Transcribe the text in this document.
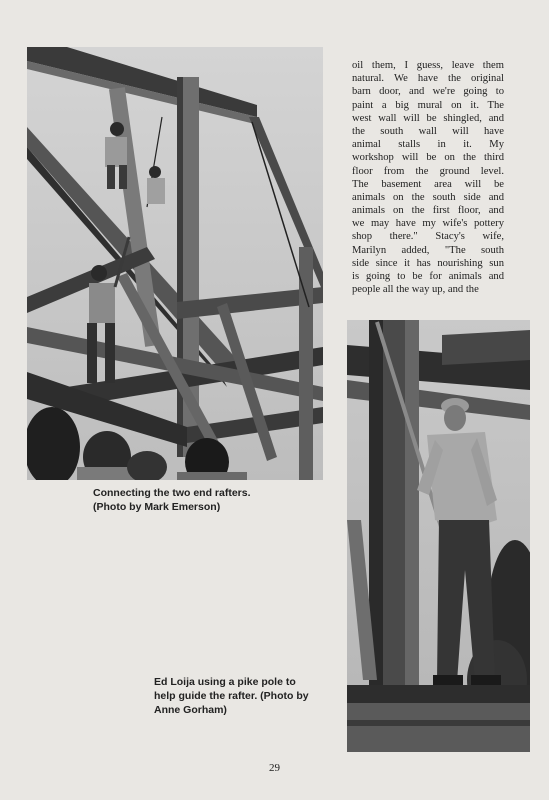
oil them, I guess, leave them
natural. We have the original
barn door, and we're going to
paint a big mural on it. The
west wall will be shingled, and
the south wall will have
animal stalls in it. My
workshop will be on the third
floor from the ground level.
The basement area will be
animals on the south side and
animals on the first floor, and
we may have my wife's pottery
shop there." Stacy's wife,
Marilyn added, "The south
side since it has nourishing sun
is going to be for animals and
people all the way up, and the
Connecting the two end rafters.
(Photo by Mark Emerson)
Ed Loija using a pike pole to
help guide the rafter. (Photo by
Anne Gorham)
29
